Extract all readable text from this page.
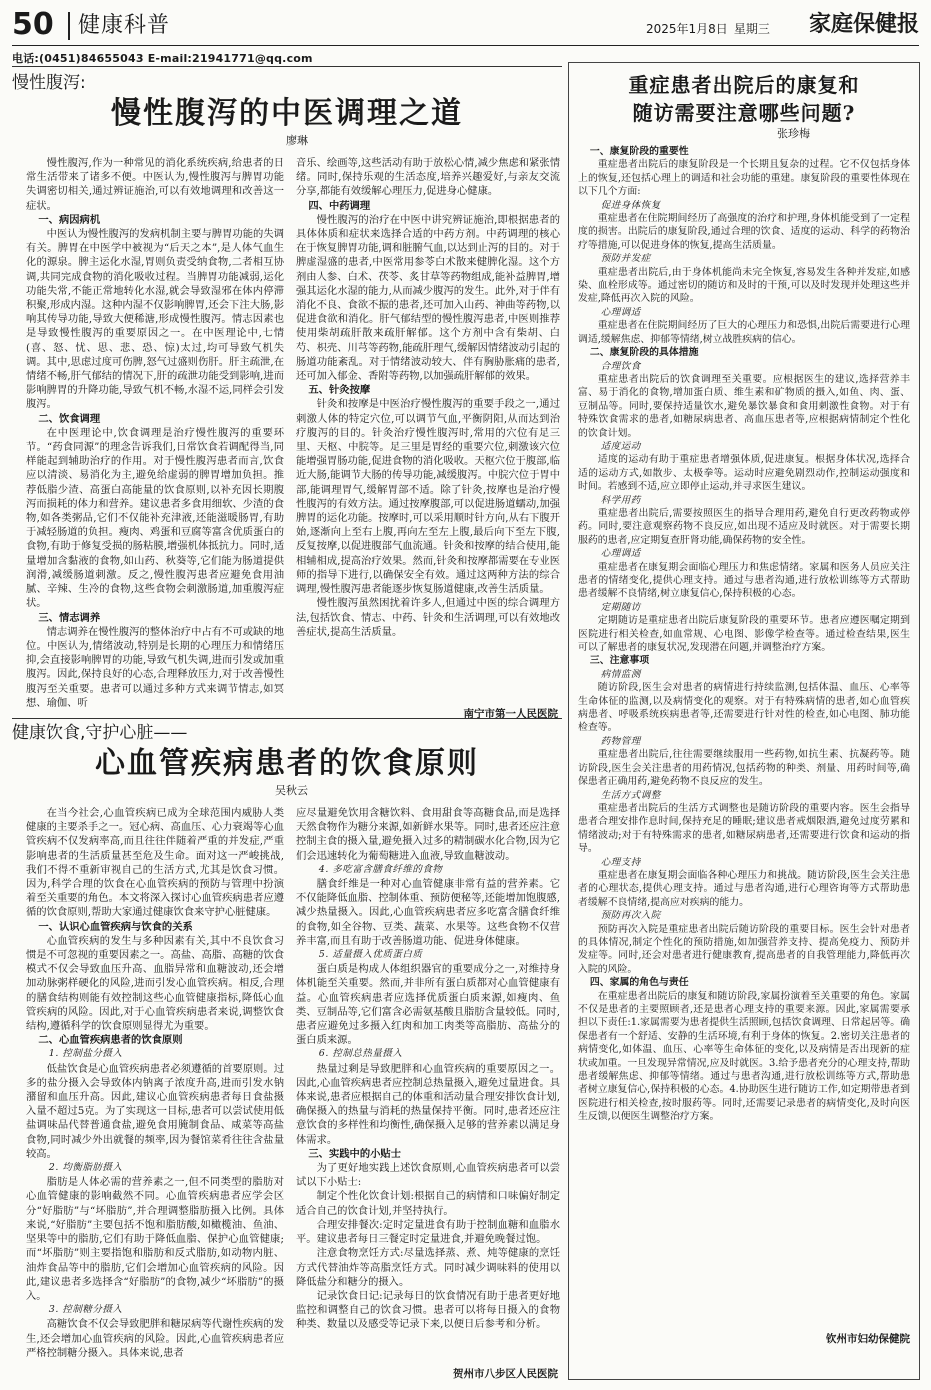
50 健康科普	2025年1月8日 星期三 家庭保健报
电话:(0451)84655043 E-mail:21941771@qq.com
慢性腹泻:
慢性腹泻的中医调理之道
廖琳

慢性腹泻,作为一种常见的消化系统疾病,给患者的日常生活带来了诸多不便。中医认为,慢性腹泻与脾胃功能失调密切相关,通过辨证施治,可以有效地调理和改善这一症状。

一、病因病机

中医认为慢性腹泻的发病机制主要与脾胃功能的失调有关。脾胃在中医学中被视为“后天之本”,是人体气血生化的源泉。脾主运化水湿,胃则负责受纳食物,二者相互协调,共同完成食物的消化吸收过程。当脾胃功能减弱,运化功能失常,不能正常地转化水湿,就会导致湿邪在体内停滞积聚,形成内湿。这种内湿不仅影响脾胃,还会下注大肠,影响其传导功能,导致大便稀溏,形成慢性腹泻。情志因素也是导致慢性腹泻的重要原因之一。在中医理论中,七情(喜、怒、忧、思、悲、恐、惊)太过,均可导致气机失调。其中,思虑过度可伤脾,怒气过盛则伤肝。肝主疏泄,在情绪不畅,肝气郁结的情况下,肝的疏泄功能受到影响,进而影响脾胃的升降功能,导致气机不畅,水湿不运,同样会引发腹泻。

二、饮食调理

在中医理论中,饮食调理是治疗慢性腹泻的重要环节。“药食同源”的理念告诉我们,日常饮食若调配得当,同样能起到辅助治疗的作用。对于慢性腹泻患者而言,饮食应以清淡、易消化为主,避免给虚弱的脾胃增加负担。推荐低脂少渣、高蛋白高能量的饮食原则,以补充因长期腹泻而损耗的体力和营养。建议患者多食用细软、少渣的食物,如各类粥品,它们不仅能补充津液,还能滋暖肠胃,有助于减轻肠道的负担。瘦肉、鸡蛋和豆腐等富含优质蛋白的食物,有助于修复受损的肠粘膜,增强机体抵抗力。同时,适量增加含黏液的食物,如山药、秋葵等,它们能为肠道提供润滑,减缓肠道刺激。反之,慢性腹泻患者应避免食用油腻、辛辣、生冷的食物,这些食物会刺激肠道,加重腹泻症状。

三、情志调养

情志调养在慢性腹泻的整体治疗中占有不可或缺的地位。中医认为,情绪波动,特别是长期的心理压力和情绪压抑,会直接影响脾胃的功能,导致气机失调,进而引发或加重腹泻。因此,保持良好的心态,合理释放压力,对于改善慢性腹泻至关重要。患者可以通过多种方式来调节情志,如冥想、瑜伽、听

音乐、绘画等,这些活动有助于放松心情,减少焦虑和紧张情绪。同时,保持乐观的生活态度,培养兴趣爱好,与亲友交流分享,都能有效缓解心理压力,促进身心健康。

四、中药调理

慢性腹泻的治疗在中医中讲究辨证施治,即根据患者的具体体质和症状来选择合适的中药方剂。中药调理的核心在于恢复脾胃功能,调和脏腑气血,以达到止泻的目的。对于脾虚湿盛的患者,中医常用参苓白术散来健脾化湿。这个方剂由人参、白术、茯苓、炙甘草等药物组成,能补益脾胃,增强其运化水湿的能力,从而减少腹泻的发生。此外,对于伴有消化不良、食欲不振的患者,还可加入山药、神曲等药物,以促进食欲和消化。肝气郁结型的慢性腹泻患者,中医则推荐使用柴胡疏肝散来疏肝解郁。这个方剂中含有柴胡、白芍、枳壳、川芎等药物,能疏肝理气,缓解因情绪波动引起的肠道功能紊乱。对于情绪波动较大、伴有胸胁胀痛的患者,还可加入郁金、香附等药物,以加强疏肝解郁的效果。

五、针灸按摩

针灸和按摩是中医治疗慢性腹泻的重要手段之一,通过刺激人体的特定穴位,可以调节气血,平衡阴阳,从而达到治疗腹泻的目的。针灸治疗慢性腹泻时,常用的穴位有足三里、天枢、中脘等。足三里是胃经的重要穴位,刺激该穴位能增强胃肠功能,促进食物的消化吸收。天枢穴位于腹部,临近大肠,能调节大肠的传导功能,减缓腹泻。中脘穴位于胃中部,能调理胃气,缓解胃部不适。除了针灸,按摩也是治疗慢性腹泻的有效方法。通过按摩腹部,可以促进肠道蠕动,加强脾胃的运化功能。按摩时,可以采用顺时针方向,从右下腹开始,逐渐向上至右上腹,再向左至左上腹,最后向下至左下腹,反复按摩,以促进腹部气血流通。针灸和按摩的结合使用,能相辅相成,提高治疗效果。然而,针灸和按摩都需要在专业医师的指导下进行,以确保安全有效。通过这两种方法的综合调理,慢性腹泻患者能逐步恢复肠道健康,改善生活质量。

慢性腹泻虽然困扰着许多人,但通过中医的综合调理方法,包括饮食、情志、中药、针灸和生活调理,可以有效地改善症状,提高生活质量。

南宁市第一人民医院
健康饮食,守护心脏——
心血管疾病患者的饮食原则
吴秋云

在当今社会,心血管疾病已成为全球范围内威胁人类健康的主要杀手之一。冠心病、高血压、心力衰竭等心血管疾病不仅发病率高,而且往往伴随着严重的并发症,严重影响患者的生活质量甚至危及生命。面对这一严峻挑战,我们不得不重新审视自己的生活方式,尤其是饮食习惯。因为,科学合理的饮食在心血管疾病的预防与管理中扮演着至关重要的角色。本文将深入探讨心血管疾病患者应遵循的饮食原则,帮助大家通过健康饮食来守护心脏健康。

一、认识心血管疾病与饮食的关系

心血管疾病的发生与多种因素有关,其中不良饮食习惯是不可忽视的重要因素之一。高盐、高脂、高糖的饮食模式不仅会导致血压升高、血脂异常和血糖波动,还会增加动脉粥样硬化的风险,进而引发心血管疾病。相反,合理的膳食结构则能有效控制这些心血管健康指标,降低心血管疾病的风险。因此,对于心血管疾病患者来说,调整饮食结构,遵循科学的饮食原则显得尤为重要。

二、心血管疾病患者的饮食原则

1. 控制盐分摄入

低盐饮食是心血管疾病患者必须遵循的首要原则。过多的盐分摄入会导致体内钠离子浓度升高,进而引发水钠潴留和血压升高。因此,建议心血管疾病患者每日食盐摄入量不超过5克。为了实现这一目标,患者可以尝试使用低盐调味品代替普通食盐,避免食用腌制食品、咸菜等高盐食物,同时减少外出就餐的频率,因为餐馆菜肴往往含盐量较高。

2. 均衡脂肪摄入

脂肪是人体必需的营养素之一,但不同类型的脂肪对心血管健康的影响截然不同。心血管疾病患者应学会区分“好脂肪”与“坏脂肪”,并合理调整脂肪摄入比例。具体来说,“好脂肪”主要包括不饱和脂肪酸,如橄榄油、鱼油、坚果等中的脂肪,它们有助于降低血脂、保护心血管健康;而“坏脂肪”则主要指饱和脂肪和反式脂肪,如动物内脏、油炸食品等中的脂肪,它们会增加心血管疾病的风险。因此,建议患者多选择含“好脂肪”的食物,减少“坏脂肪”的摄入。

3. 控制糖分摄入

高糖饮食不仅会导致肥胖和糖尿病等代谢性疾病的发生,还会增加心血管疾病的风险。因此,心血管疾病患者应严格控制糖分摄入。具体来说,患者

应尽量避免饮用含糖饮料、食用甜食等高糖食品,而是选择天然食物作为糖分来源,如新鲜水果等。同时,患者还应注意控制主食的摄入量,避免摄入过多的精制碳水化合物,因为它们会迅速转化为葡萄糖进入血液,导致血糖波动。

4. 多吃富含膳食纤维的食物

膳食纤维是一种对心血管健康非常有益的营养素。它不仅能降低血脂、控制体重、预防便秘等,还能增加饱腹感,减少热量摄入。因此,心血管疾病患者应多吃富含膳食纤维的食物,如全谷物、豆类、蔬菜、水果等。这些食物不仅营养丰富,而且有助于改善肠道功能、促进身体健康。

5. 适量摄入优质蛋白质

蛋白质是构成人体组织器官的重要成分之一,对维持身体机能至关重要。然而,并非所有蛋白质都对心血管健康有益。心血管疾病患者应选择优质蛋白质来源,如瘦肉、鱼类、豆制品等,它们富含必需氨基酸且脂肪含量较低。同时,患者应避免过多摄入红肉和加工肉类等高脂肪、高盐分的蛋白质来源。

6. 控制总热量摄入

热量过剩是导致肥胖和心血管疾病的重要原因之一。因此,心血管疾病患者应控制总热量摄入,避免过量进食。具体来说,患者应根据自己的体重和活动量合理安排饮食计划,确保摄入的热量与消耗的热量保持平衡。同时,患者还应注意饮食的多样性和均衡性,确保摄入足够的营养素以满足身体需求。

三、实践中的小贴士

为了更好地实践上述饮食原则,心血管疾病患者可以尝试以下小贴士:

制定个性化饮食计划:根据自己的病情和口味偏好制定适合自己的饮食计划,并坚持执行。

合理安排餐次:定时定量进食有助于控制血糖和血脂水平。建议患者每日三餐定时定量进食,并避免晚餐过饱。

注意食物烹饪方式:尽量选择蒸、煮、炖等健康的烹饪方式代替油炸等高脂烹饪方式。同时减少调味料的使用以降低盐分和糖分的摄入。

记录饮食日记:记录每日的饮食情况有助于患者更好地监控和调整自己的饮食习惯。患者可以将每日摄入的食物种类、数量以及感受等记录下来,以便日后参考和分析。

贺州市八步区人民医院
重症患者出院后的康复和
随访需要注意哪些问题?
张珍梅

一、康复阶段的重要性

重症患者出院后的康复阶段是一个长期且复杂的过程。它不仅包括身体上的恢复,还包括心理上的调适和社会功能的重建。康复阶段的重要性体现在以下几个方面:

促进身体恢复

重症患者在住院期间经历了高强度的治疗和护理,身体机能受到了一定程度的损害。出院后的康复阶段,通过合理的饮食、适度的运动、科学的药物治疗等措施,可以促进身体的恢复,提高生活质量。

预防并发症

重症患者出院后,由于身体机能尚未完全恢复,容易发生各种并发症,如感染、血栓形成等。通过密切的随访和及时的干预,可以及时发现并处理这些并发症,降低再次入院的风险。

心理调适

重症患者在住院期间经历了巨大的心理压力和恐惧,出院后需要进行心理调适,缓解焦虑、抑郁等情绪,树立战胜疾病的信心。

二、康复阶段的具体措施

合理饮食

重症患者出院后的饮食调理至关重要。应根据医生的建议,选择营养丰富、易于消化的食物,增加蛋白质、维生素和矿物质的摄入,如鱼、肉、蛋、豆制品等。同时,要保持适量饮水,避免暴饮暴食和食用刺激性食物。对于有特殊饮食需求的患者,如糖尿病患者、高血压患者等,应根据病情制定个性化的饮食计划。

适度运动

适度的运动有助于重症患者增强体质,促进康复。根据身体状况,选择合适的运动方式,如散步、太极拳等。运动时应避免剧烈动作,控制运动强度和时间。若感到不适,应立即停止运动,并寻求医生建议。

科学用药

重症患者出院后,需要按照医生的指导合理用药,避免自行更改药物或停药。同时,要注意观察药物不良反应,如出现不适应及时就医。对于需要长期服药的患者,应定期复查肝肾功能,确保药物的安全性。

心理调适

重症患者在康复期会面临心理压力和焦虑情绪。家属和医务人员应关注患者的情绪变化,提供心理支持。通过与患者沟通,进行放松训练等方式帮助患者缓解不良情绪,树立康复信心,保持积极的心态。

定期随访

定期随访是重症患者出院后康复阶段的重要环节。患者应遵医嘱定期到医院进行相关检查,如血常规、心电图、影像学检查等。通过检查结果,医生可以了解患者的康复状况,发现潜在问题,并调整治疗方案。

三、注意事项

病情监测

随访阶段,医生会对患者的病情进行持续监测,包括体温、血压、心率等生命体征的监测,以及病情变化的观察。对于有特殊病情的患者,如心血管疾病患者、呼吸系统疾病患者等,还需要进行针对性的检查,如心电图、肺功能检查等。

药物管理

重症患者出院后,往往需要继续服用一些药物,如抗生素、抗凝药等。随访阶段,医生会关注患者的用药情况,包括药物的种类、剂量、用药时间等,确保患者正确用药,避免药物不良反应的发生。

生活方式调整

重症患者出院后的生活方式调整也是随访阶段的重要内容。医生会指导患者合理安排作息时间,保持充足的睡眠;建议患者戒烟限酒,避免过度劳累和情绪波动;对于有特殊需求的患者,如糖尿病患者,还需要进行饮食和运动的指导。

心理支持

重症患者在康复期会面临各种心理压力和挑战。随访阶段,医生会关注患者的心理状态,提供心理支持。通过与患者沟通,进行心理咨询等方式帮助患者缓解不良情绪,提高应对疾病的能力。

预防再次入院

预防再次入院是重症患者出院后随访阶段的重要目标。医生会针对患者的具体情况,制定个性化的预防措施,如加强营养支持、提高免疫力、预防并发症等。同时,还会对患者进行健康教育,提高患者的自我管理能力,降低再次入院的风险。

四、家属的角色与责任

在重症患者出院后的康复和随访阶段,家属扮演着至关重要的角色。家属不仅是患者的主要照顾者,还是患者心理支持的重要来源。因此,家属需要承担以下责任:1.家属需要为患者提供生活照顾,包括饮食调理、日常起居等。确保患者有一个舒适、安静的生活环境,有利于身体的恢复。2.密切关注患者的病情变化,如体温、血压、心率等生命体征的变化,以及病情是否出现新的症状或加重。一旦发现异常情况,应及时就医。3.给予患者充分的心理支持,帮助患者缓解焦虑、抑郁等情绪。通过与患者沟通,进行放松训练等方式,帮助患者树立康复信心,保持积极的心态。4.协助医生进行随访工作,如定期带患者到医院进行相关检查,按时服药等。同时,还需要记录患者的病情变化,及时向医生反馈,以便医生调整治疗方案。

钦州市妇幼保健院
